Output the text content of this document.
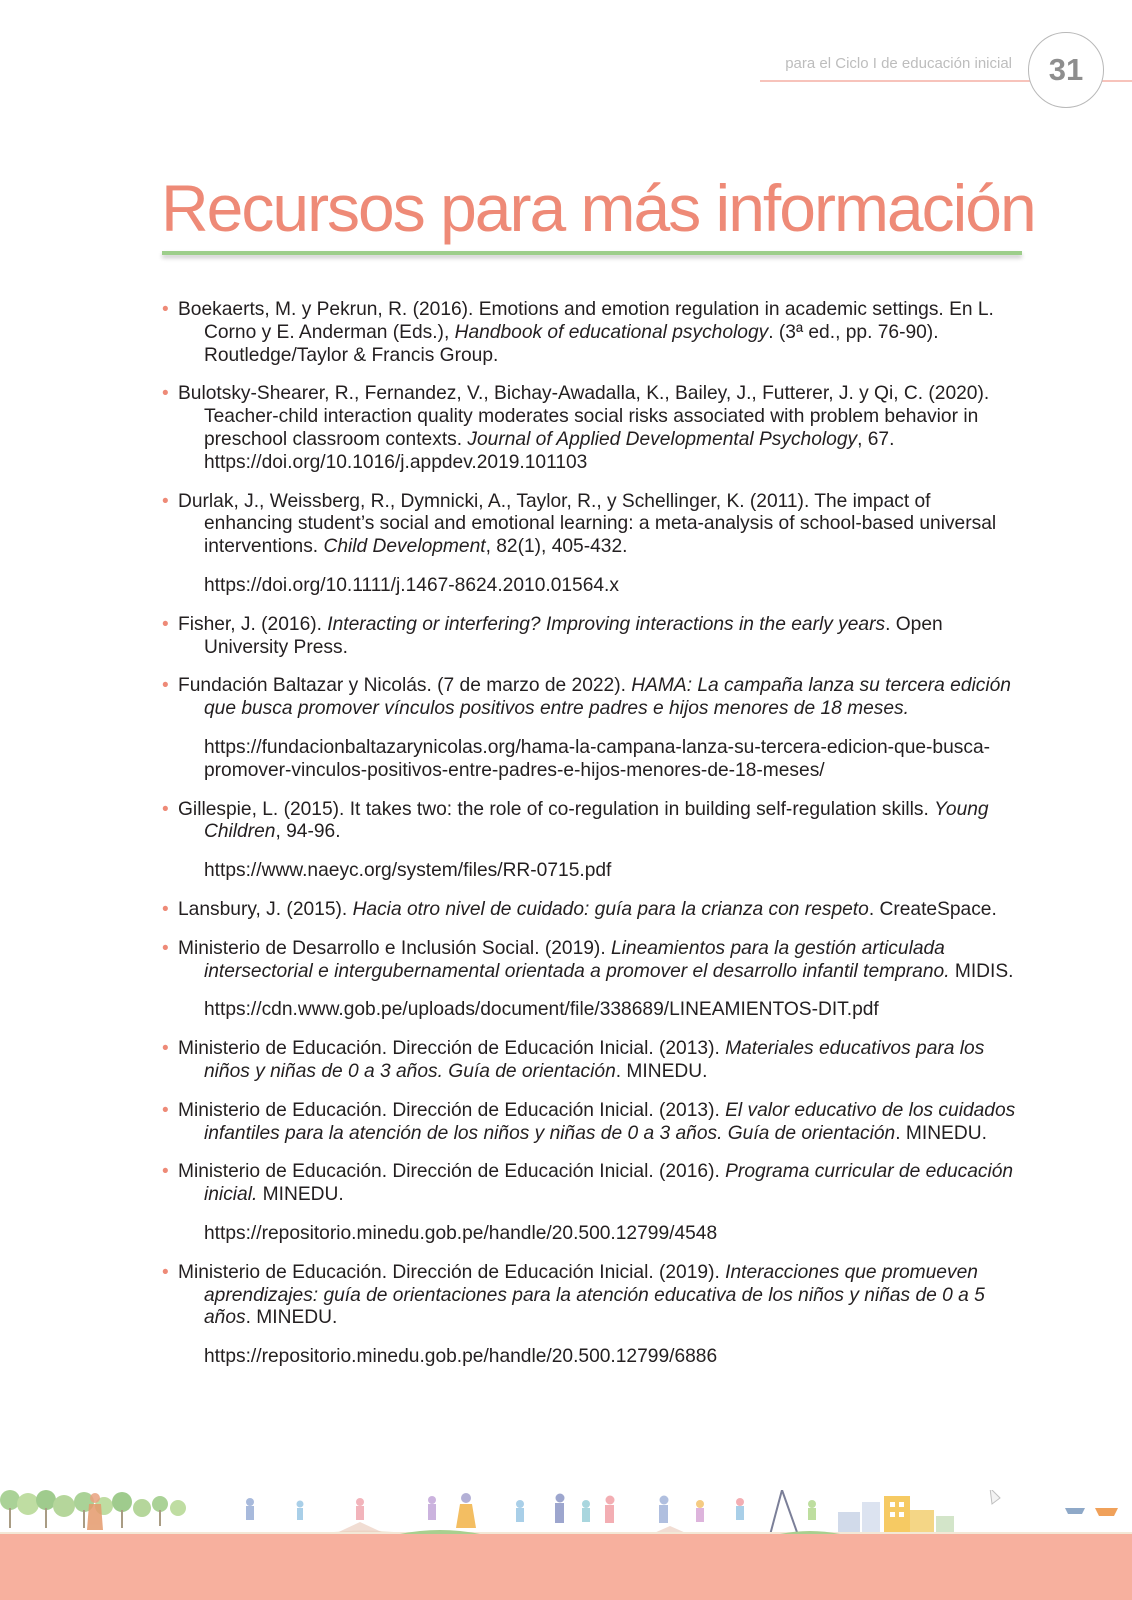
para el Ciclo I de educación inicial	31
Recursos para más información
• Boekaerts, M. y Pekrun, R. (2016). Emotions and emotion regulation in academic settings. En L. Corno y E. Anderman (Eds.), Handbook of educational psychology. (3ª ed., pp. 76-90). Routledge/Taylor & Francis Group.
• Bulotsky-Shearer, R., Fernandez, V., Bichay-Awadalla, K., Bailey, J., Futterer, J. y Qi, C. (2020). Teacher-child interaction quality moderates social risks associated with problem behavior in preschool classroom contexts. Journal of Applied Developmental Psychology, 67. https://doi.org/10.1016/j.appdev.2019.101103
• Durlak, J., Weissberg, R., Dymnicki, A., Taylor, R., y Schellinger, K. (2011). The impact of enhancing student’s social and emotional learning: a meta-analysis of school-based universal interventions. Child Development, 82(1), 405-432.
https://doi.org/10.1111/j.1467-8624.2010.01564.x
• Fisher, J. (2016). Interacting or interfering? Improving interactions in the early years. Open University Press.
• Fundación Baltazar y Nicolás. (7 de marzo de 2022). HAMA: La campaña lanza su tercera edición que busca promover vínculos positivos entre padres e hijos menores de 18 meses.
https://fundacionbaltazarynicolas.org/hama-la-campana-lanza-su-tercera-edicion-que-busca-promover-vinculos-positivos-entre-padres-e-hijos-menores-de-18-meses/
• Gillespie, L. (2015). It takes two: the role of co-regulation in building self-regulation skills. Young Children, 94-96.
https://www.naeyc.org/system/files/RR-0715.pdf
• Lansbury, J. (2015). Hacia otro nivel de cuidado: guía para la crianza con respeto. CreateSpace.
• Ministerio de Desarrollo e Inclusión Social. (2019). Lineamientos para la gestión articulada intersectorial e intergubernamental orientada a promover el desarrollo infantil temprano. MIDIS.
https://cdn.www.gob.pe/uploads/document/file/338689/LINEAMIENTOS-DIT.pdf
• Ministerio de Educación. Dirección de Educación Inicial. (2013). Materiales educativos para los niños y niñas de 0 a 3 años. Guía de orientación. MINEDU.
• Ministerio de Educación. Dirección de Educación Inicial. (2013). El valor educativo de los cuidados infantiles para la atención de los niños y niñas de 0 a 3 años. Guía de orientación. MINEDU.
• Ministerio de Educación. Dirección de Educación Inicial. (2016). Programa curricular de educación inicial. MINEDU.
https://repositorio.minedu.gob.pe/handle/20.500.12799/4548
• Ministerio de Educación. Dirección de Educación Inicial. (2019). Interacciones que promueven aprendizajes: guía de orientaciones para la atención educativa de los niños y niñas de 0 a 5 años. MINEDU.
https://repositorio.minedu.gob.pe/handle/20.500.12799/6886
